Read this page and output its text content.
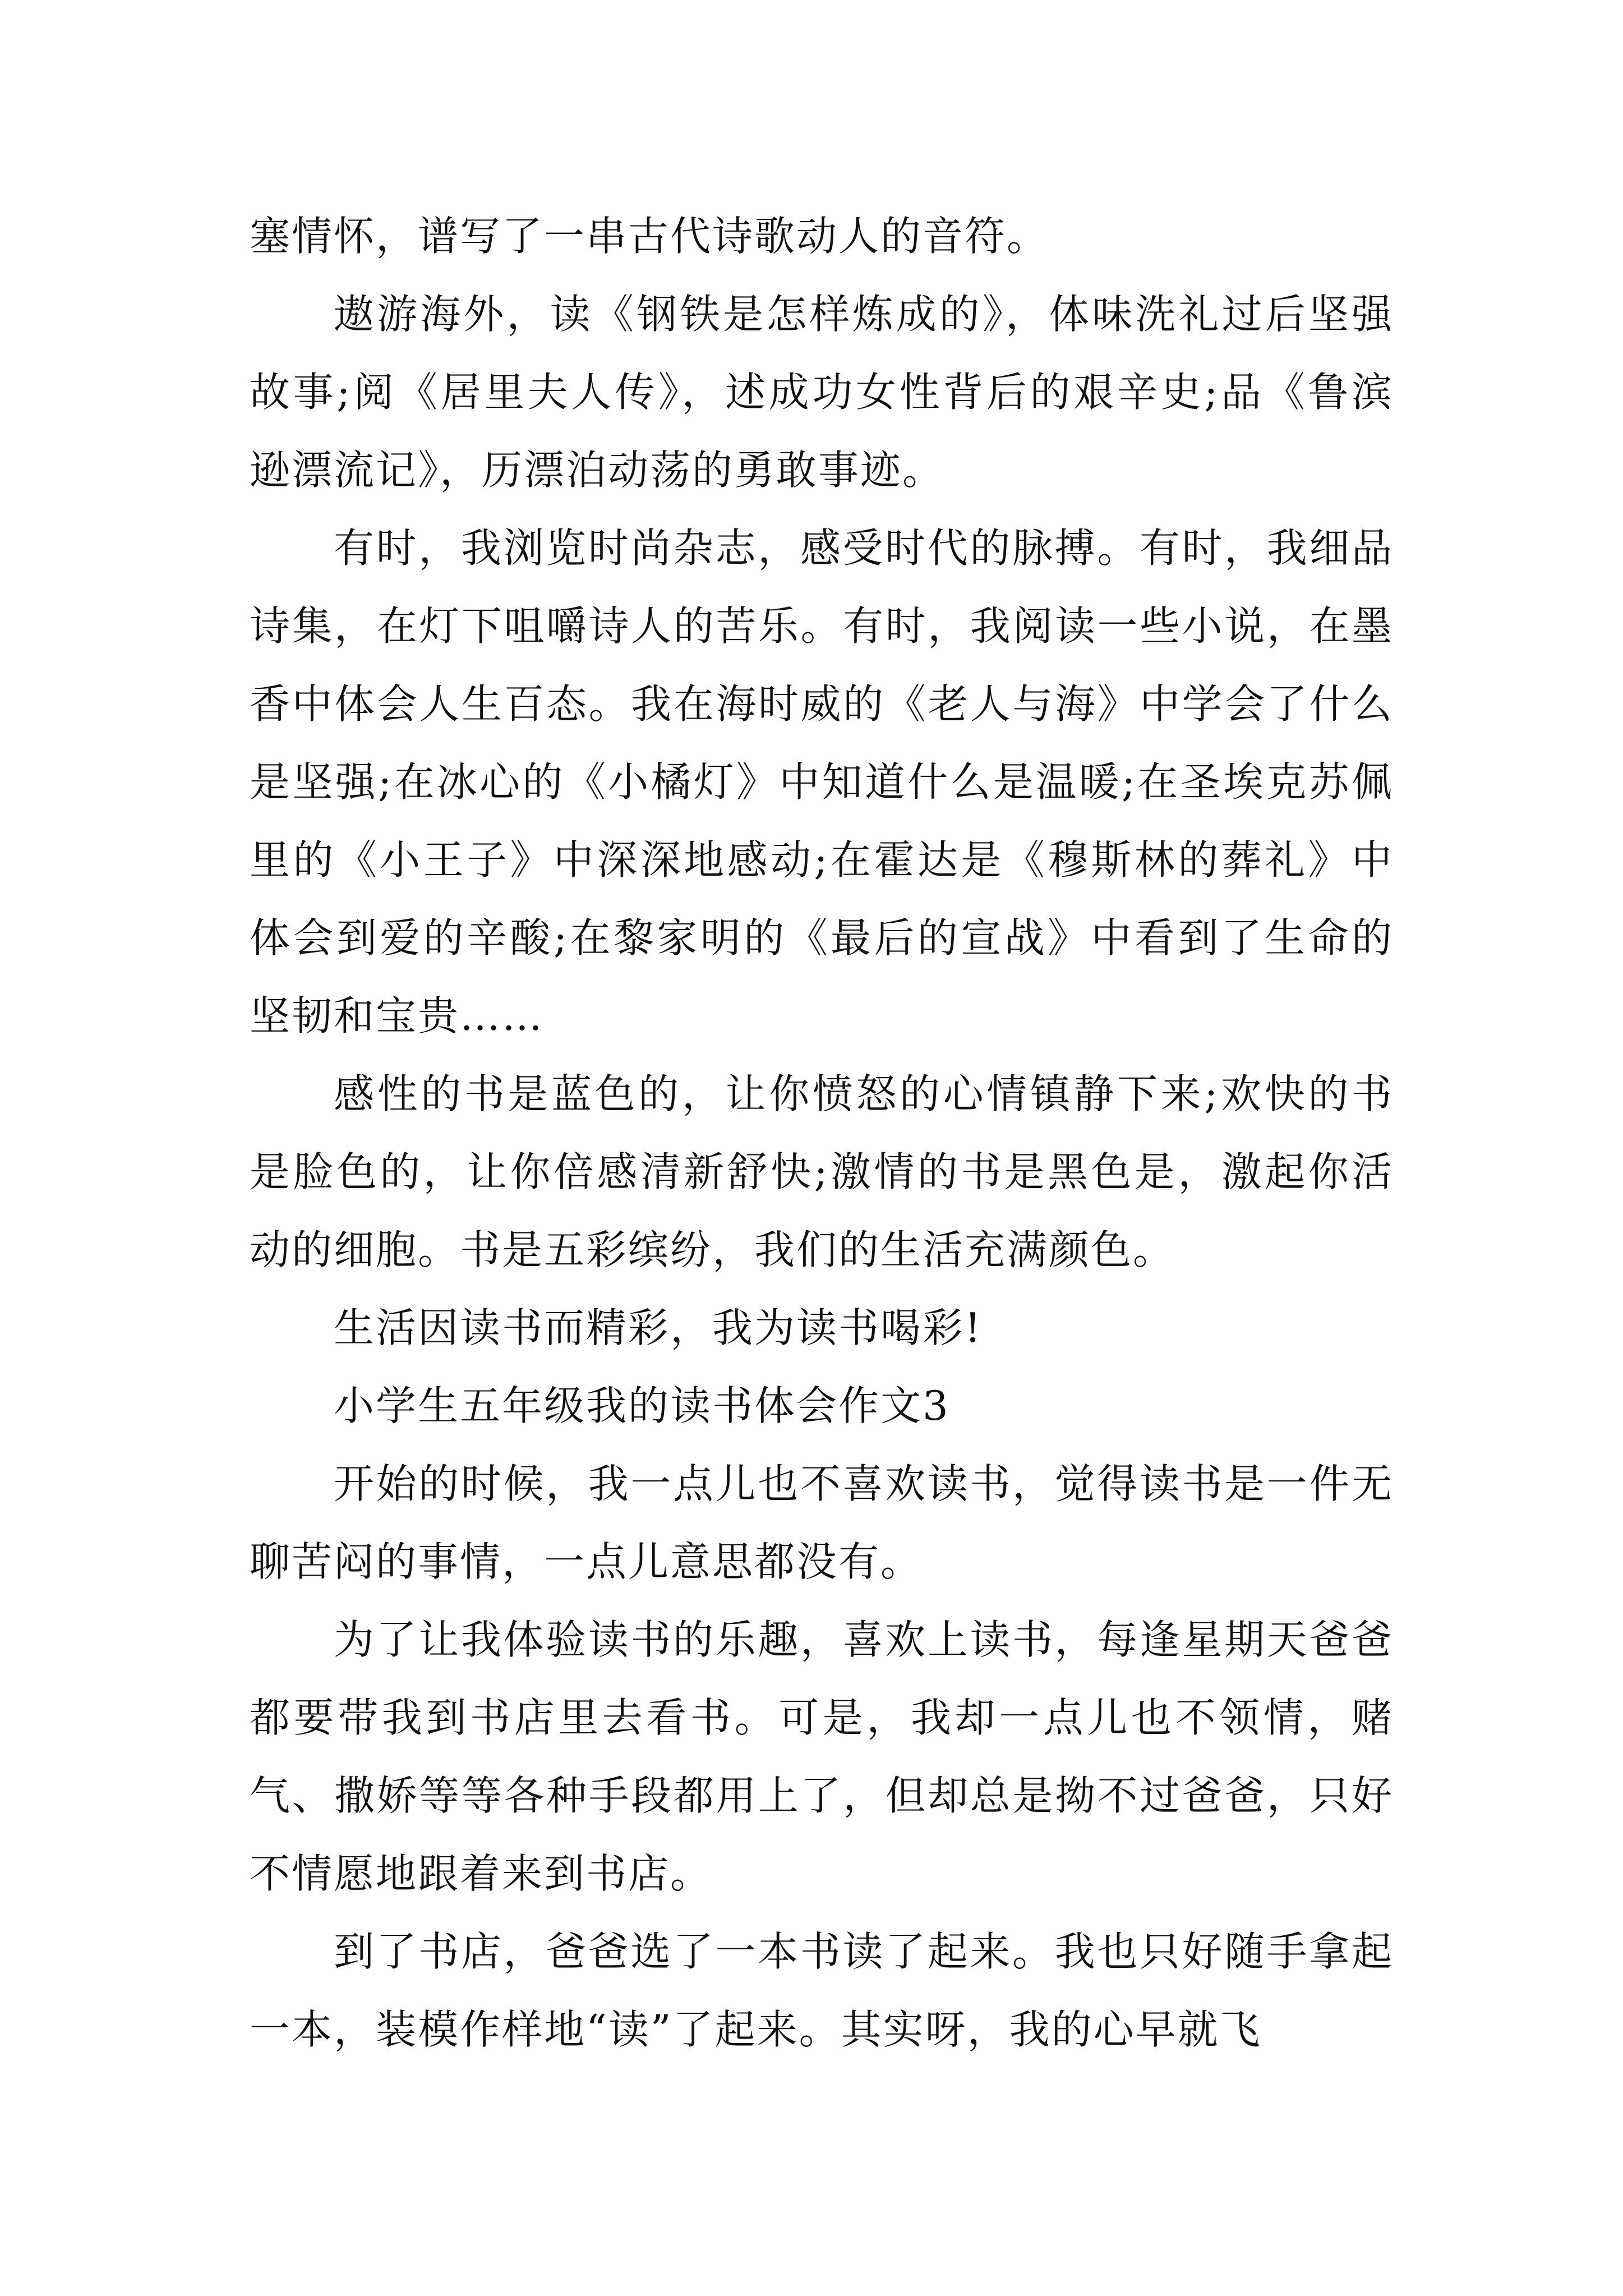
塞情怀，谱写了一串古代诗歌动人的音符。

遨游海外，读《钢铁是怎样炼成的》，体味洗礼过后坚强故事;阅《居里夫人传》，述成功女性背后的艰辛史;品《鲁滨逊漂流记》，历漂泊动荡的勇敢事迹。

有时，我浏览时尚杂志，感受时代的脉搏。有时，我细品诗集，在灯下咀嚼诗人的苦乐。有时，我阅读一些小说，在墨香中体会人生百态。我在海时威的《老人与海》中学会了什么是坚强;在冰心的《小橘灯》中知道什么是温暖;在圣埃克苏佩里的《小王子》中深深地感动;在霍达是《穆斯林的葬礼》中体会到爱的辛酸;在黎家明的《最后的宣战》中看到了生命的坚韧和宝贵……

感性的书是蓝色的，让你愤怒的心情镇静下来;欢快的书是脸色的，让你倍感清新舒快;激情的书是黑色是，激起你活动的细胞。书是五彩缤纷，我们的生活充满颜色。

生活因读书而精彩，我为读书喝彩!

小学生五年级我的读书体会作文3

开始的时候，我一点儿也不喜欢读书，觉得读书是一件无聊苦闷的事情，一点儿意思都没有。

为了让我体验读书的乐趣，喜欢上读书，每逢星期天爸爸都要带我到书店里去看书。可是，我却一点儿也不领情，赌气、撒娇等等各种手段都用上了，但却总是拗不过爸爸，只好不情愿地跟着来到书店。

到了书店，爸爸选了一本书读了起来。我也只好随手拿起一本，装模作样地“读”了起来。其实呀，我的心早就飞
